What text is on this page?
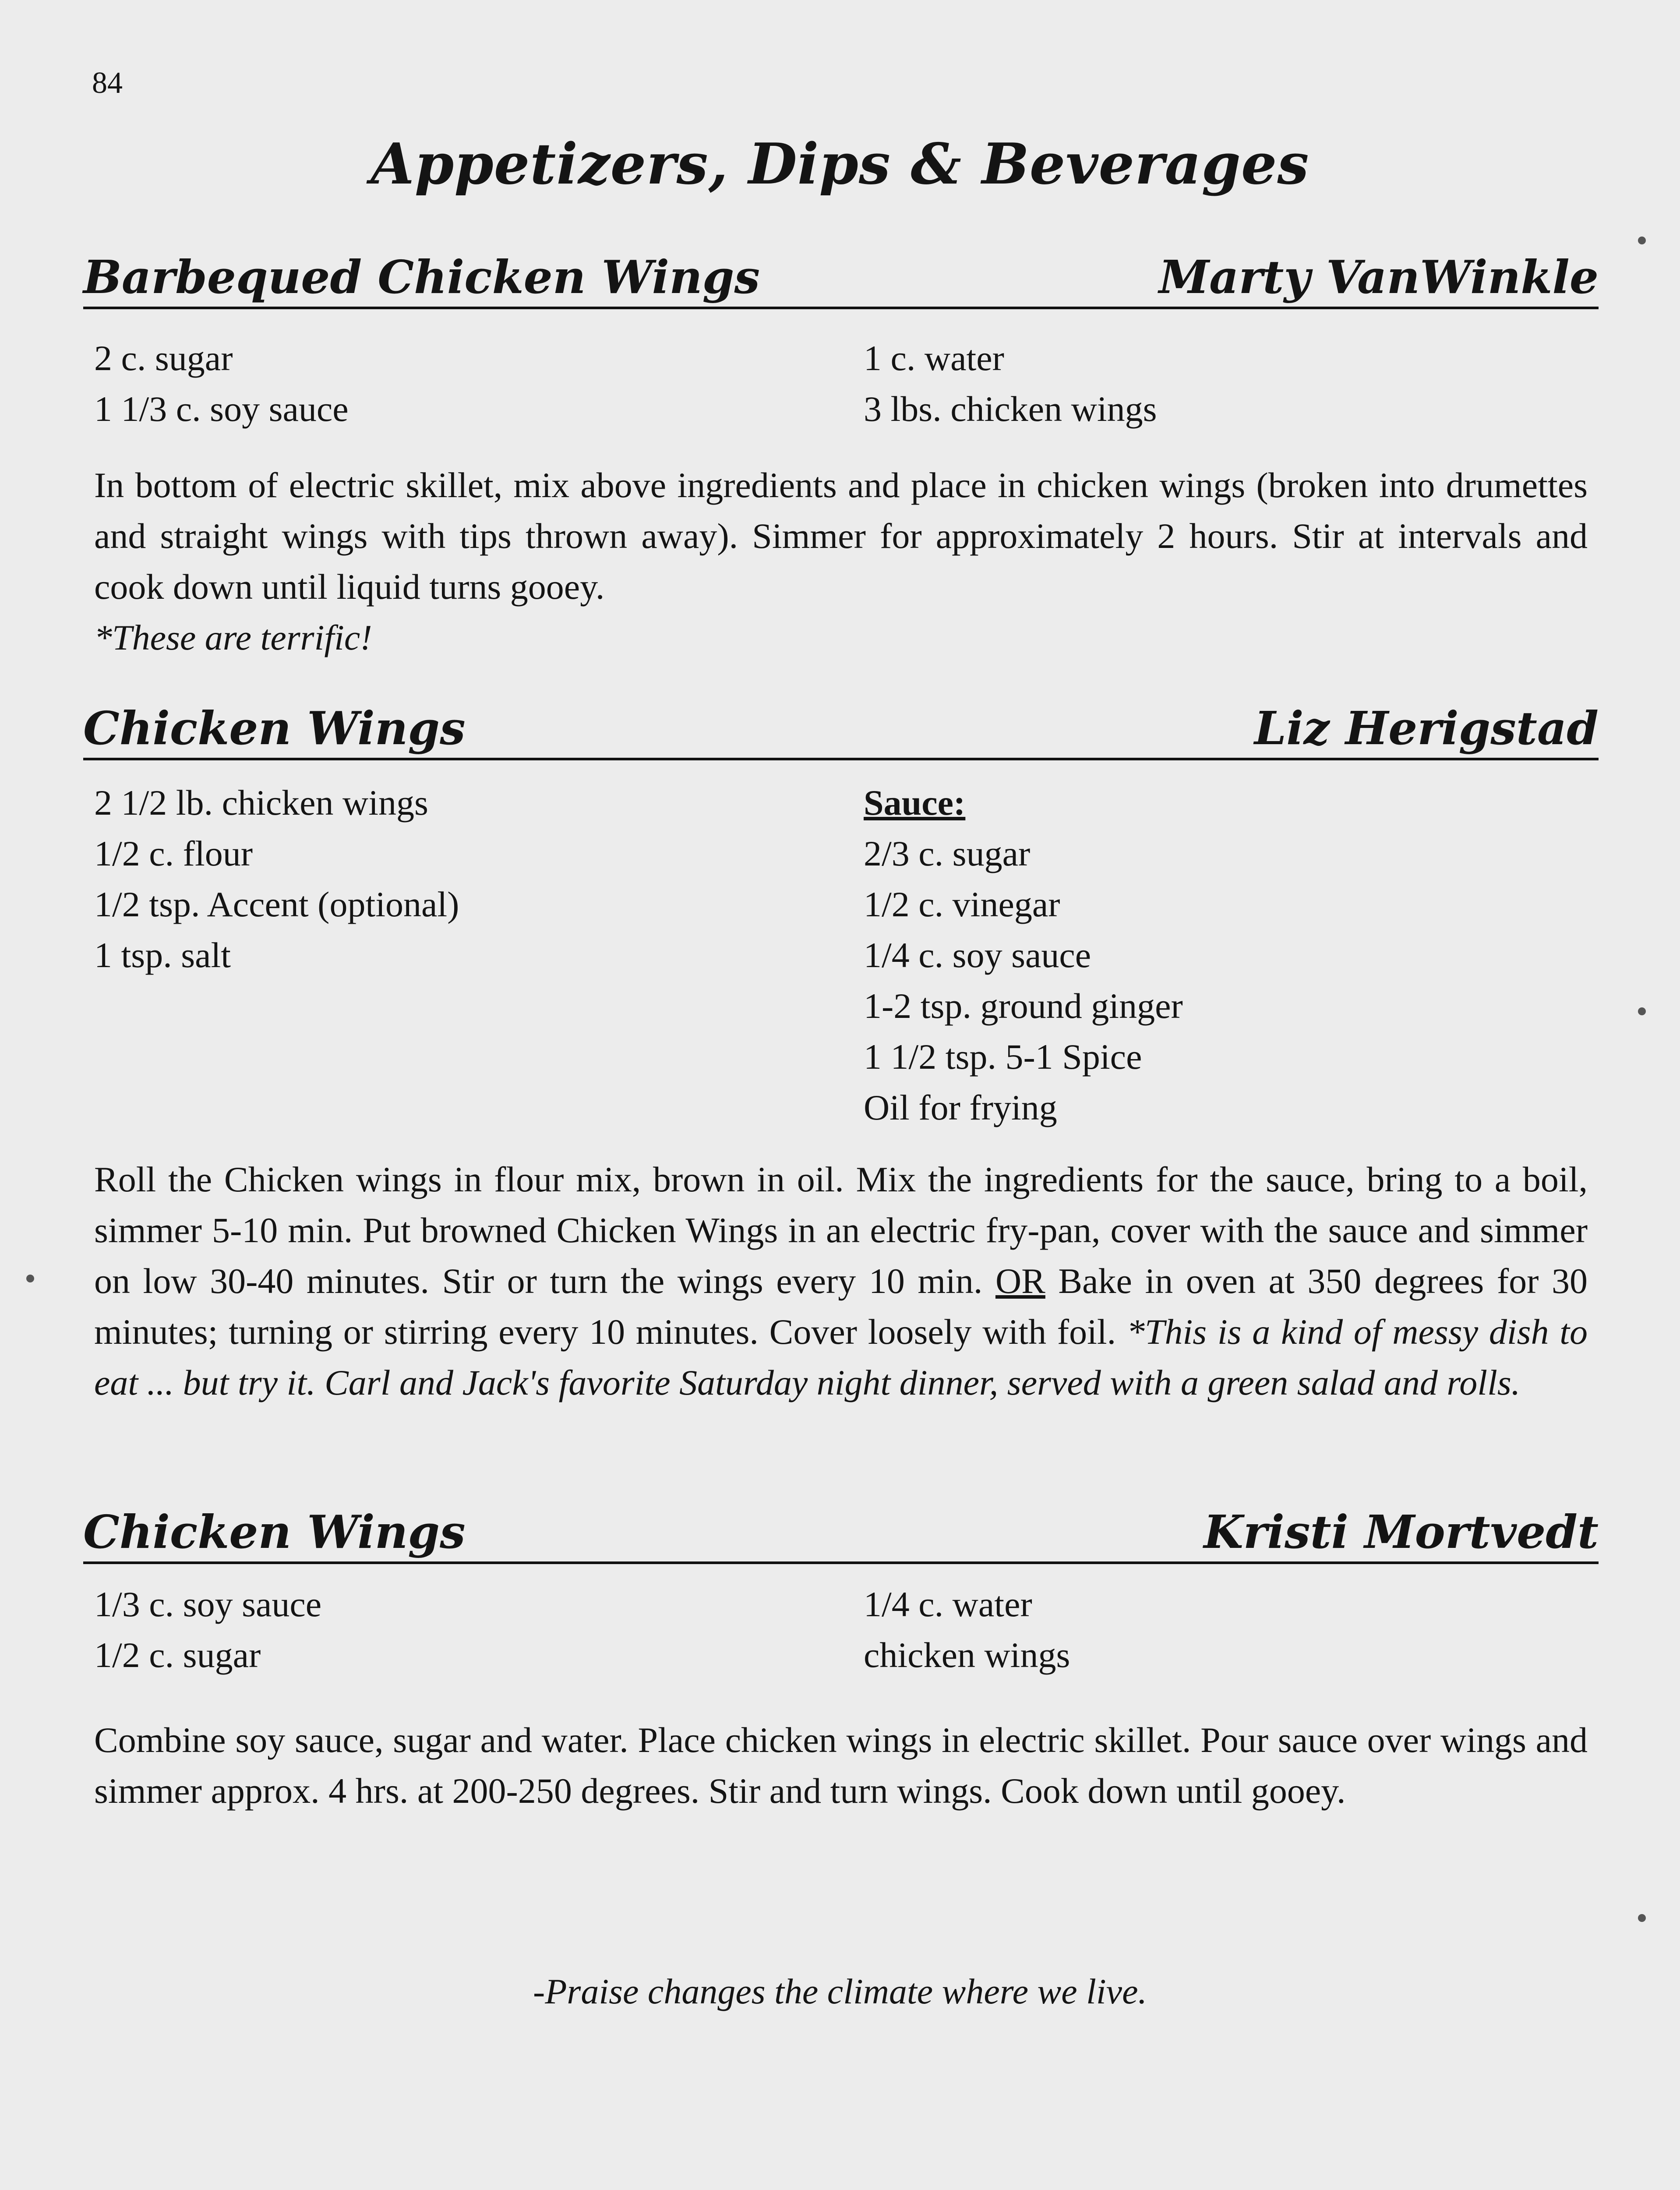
84
Appetizers, Dips & Beverages
Barbequed Chicken Wings	Marty VanWinkle
2 c. sugar
1 1/3 c. soy sauce
1 c. water
3 lbs. chicken wings
In bottom of electric skillet, mix above ingredients and place in chicken wings (broken into drumettes and straight wings with tips thrown away). Simmer for approximately 2 hours. Stir at intervals and cook down until liquid turns gooey.
*These are terrific!
Chicken Wings	Liz Herigstad
2 1/2 lb. chicken wings
1/2 c. flour
1/2 tsp. Accent (optional)
1 tsp. salt
Sauce:
2/3 c. sugar
1/2 c. vinegar
1/4 c. soy sauce
1-2 tsp. ground ginger
1 1/2 tsp. 5-1 Spice
Oil for frying
Roll the Chicken wings in flour mix, brown in oil. Mix the ingredients for the sauce, bring to a boil, simmer 5-10 min. Put browned Chicken Wings in an electric fry-pan, cover with the sauce and simmer on low 30-40 minutes. Stir or turn the wings every 10 min. OR Bake in oven at 350 degrees for 30 minutes; turning or stirring every 10 minutes. Cover loosely with foil. *This is a kind of messy dish to eat ... but try it. Carl and Jack's favorite Saturday night dinner, served with a green salad and rolls.
Chicken Wings	Kristi Mortvedt
1/3 c. soy sauce
1/2 c. sugar
1/4 c. water
chicken wings
Combine soy sauce, sugar and water. Place chicken wings in electric skillet. Pour sauce over wings and simmer approx. 4 hrs. at 200-250 degrees. Stir and turn wings. Cook down until gooey.
-Praise changes the climate where we live.
